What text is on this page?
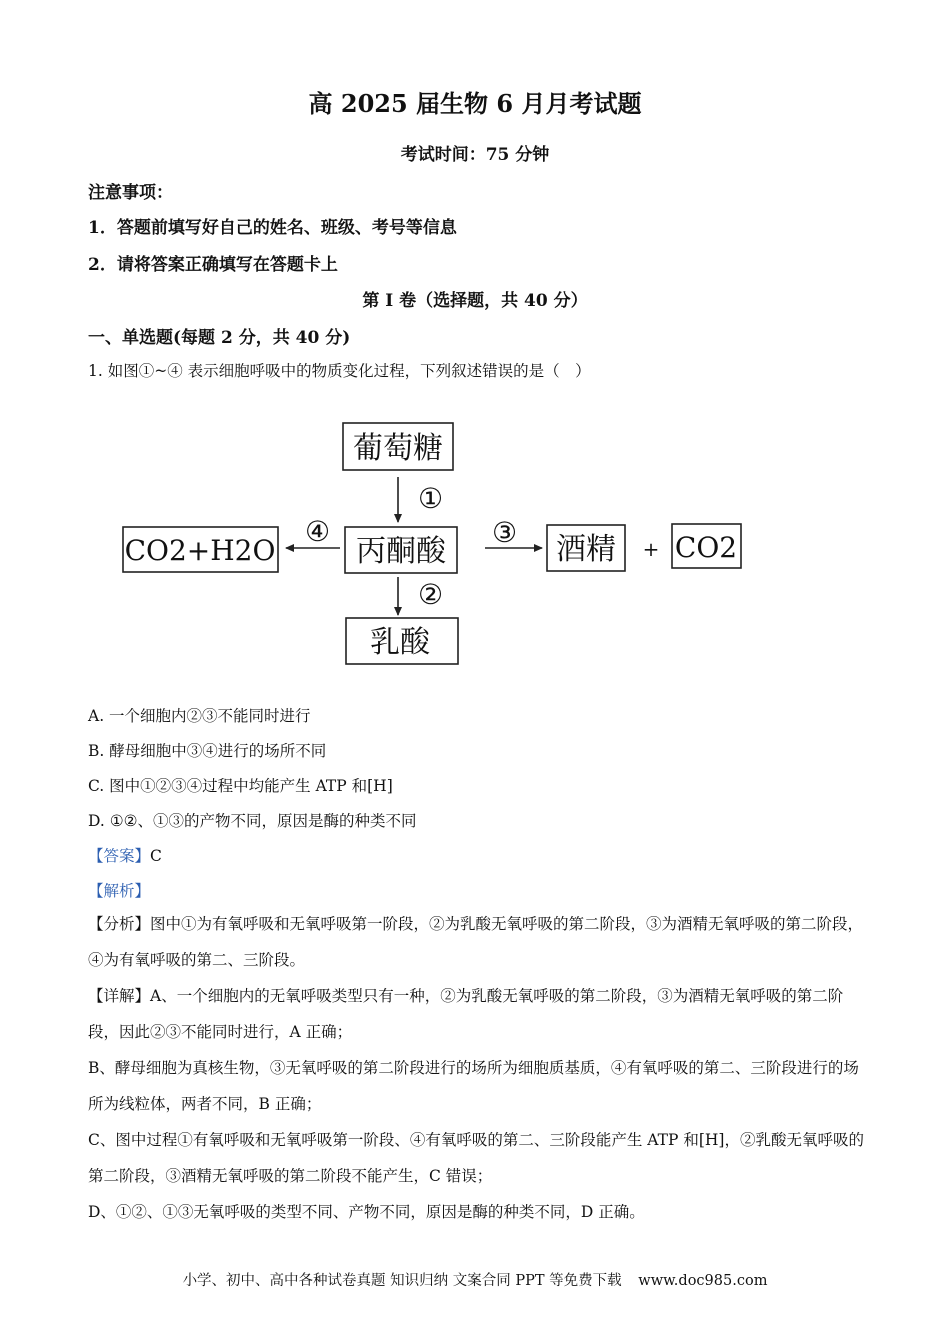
高 2025 届生物 6 月月考试题
考试时间：75 分钟
注意事项：
1．答题前填写好自己的姓名、班级、考号等信息
2．请将答案正确填写在答题卡上
第 I 卷（选择题，共 40 分）
一、单选题(每题 2 分，共 40 分)
1. 如图①~④ 表示细胞呼吸中的物质变化过程，下列叙述错误的是（　）
葡萄糖
①
丙酮酸
④
CO2+H2O
③ 酒精 + CO2
②
乳酸
A. 一个细胞内②③不能同时进行
B. 酵母细胞中③④进行的场所不同
C. 图中①②③④过程中均能产生 ATP 和[H]
D. ①②、①③的产物不同，原因是酶的种类不同
【答案】C
【解析】
【分析】图中①为有氧呼吸和无氧呼吸第一阶段，②为乳酸无氧呼吸的第二阶段，③为酒精无氧呼吸的第二阶段，④为有氧呼吸的第二、三阶段。
【详解】A、一个细胞内的无氧呼吸类型只有一种，②为乳酸无氧呼吸的第二阶段，③为酒精无氧呼吸的第二阶段，因此②③不能同时进行，A 正确；
B、酵母细胞为真核生物，③无氧呼吸的第二阶段进行的场所为细胞质基质，④有氧呼吸的第二、三阶段进行的场所为线粒体，两者不同，B 正确；
C、图中过程①有氧呼吸和无氧呼吸第一阶段、④有氧呼吸的第二、三阶段能产生 ATP 和[H]，②乳酸无氧呼吸的第二阶段，③酒精无氧呼吸的第二阶段不能产生，C 错误；
D、①②、①③无氧呼吸的类型不同、产物不同，原因是酶的种类不同，D 正确。
小学、初中、高中各种试卷真题 知识归纳 文案合同 PPT 等免费下载 www.doc985.com
